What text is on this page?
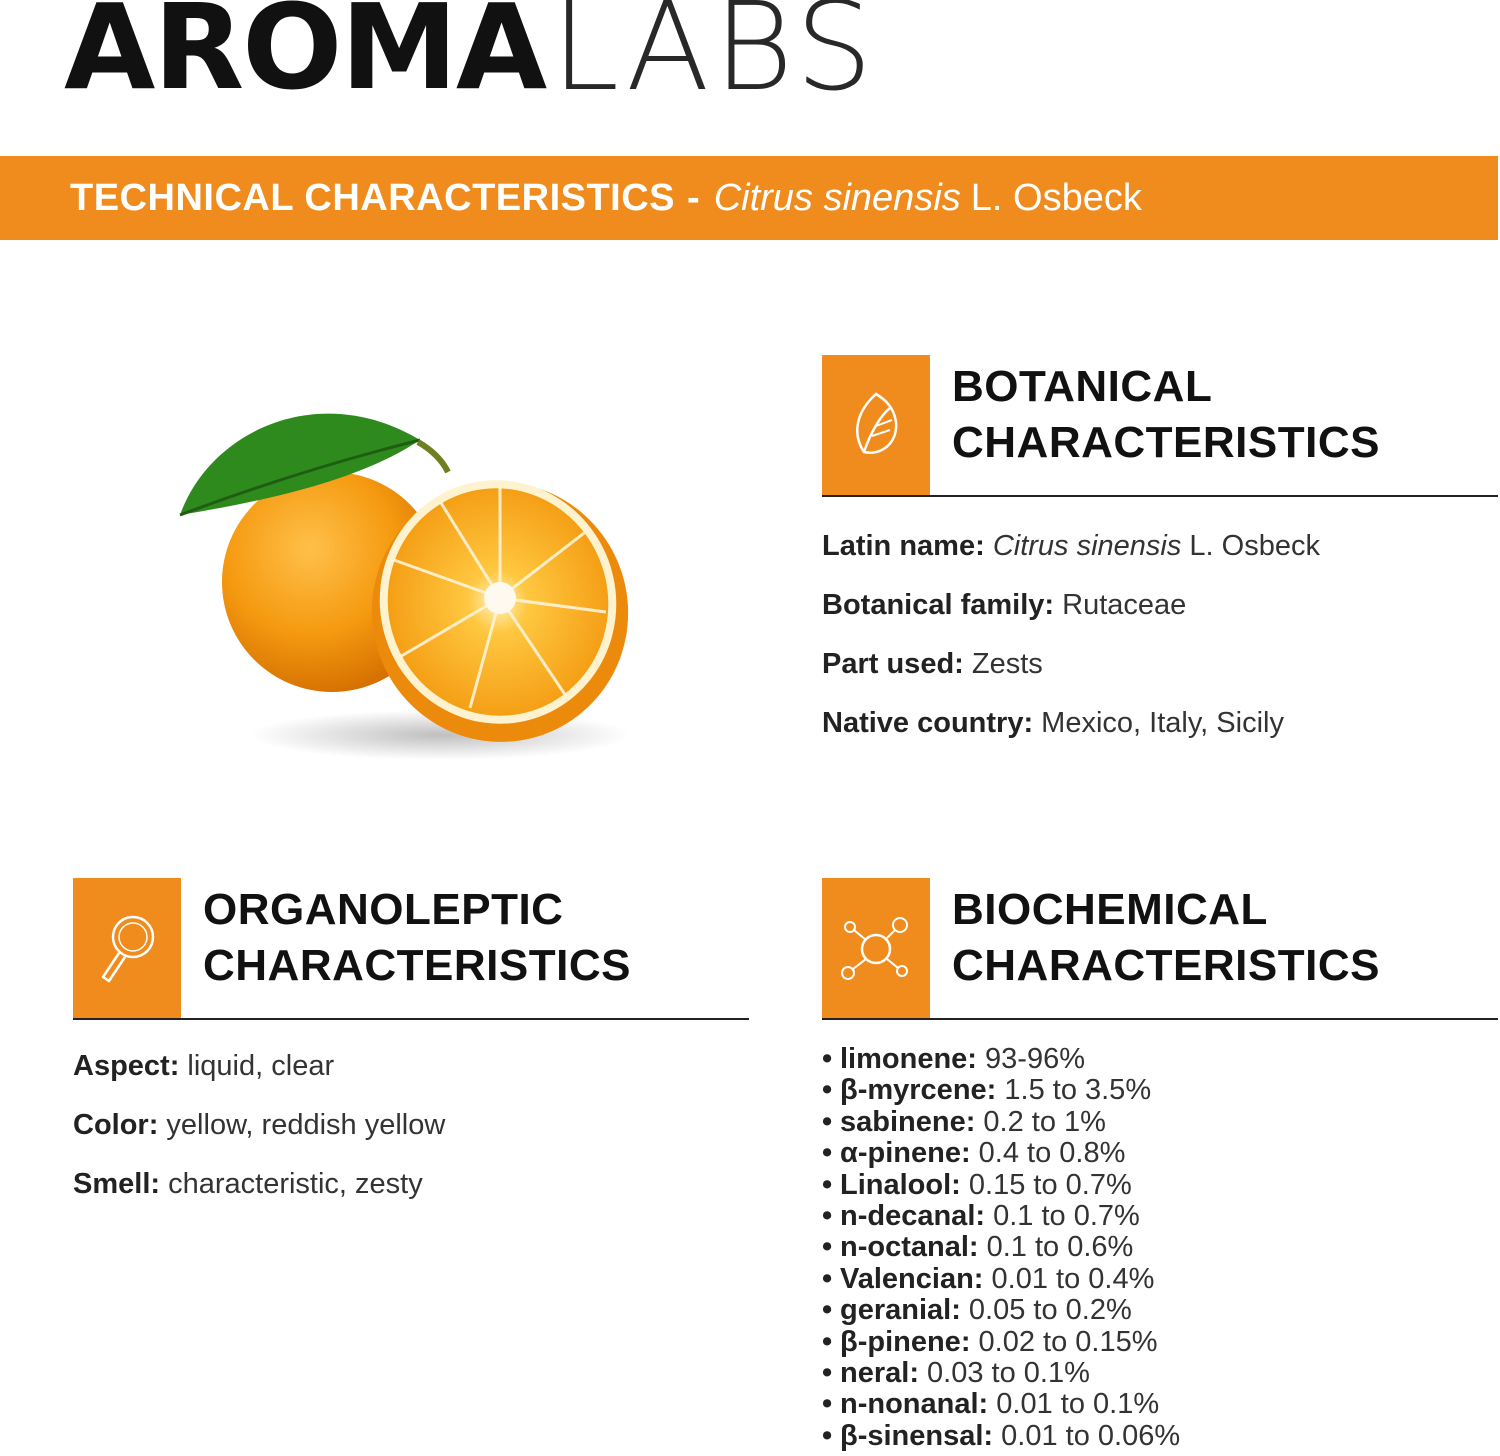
AROMA LABS
TECHNICAL CHARACTERISTICS - Citrus sinensis L. Osbeck
BOTANICAL
CHARACTERISTICS
Latin name: Citrus sinensis L. Osbeck
Botanical family: Rutaceae
Part used: Zests
Native country: Mexico, Italy, Sicily
ORGANOLEPTIC
CHARACTERISTICS
Aspect: liquid, clear
Color: yellow, reddish yellow
Smell: characteristic, zesty
BIOCHEMICAL
CHARACTERISTICS
• limonene: 93-96%
• β-myrcene: 1.5 to 3.5%
• sabinene: 0.2 to 1%
• α-pinene: 0.4 to 0.8%
• Linalool: 0.15 to 0.7%
• n-decanal: 0.1 to 0.7%
• n-octanal: 0.1 to 0.6%
• Valencian: 0.01 to 0.4%
• geranial: 0.05 to 0.2%
• β-pinene: 0.02 to 0.15%
• neral: 0.03 to 0.1%
• n-nonanal: 0.01 to 0.1%
• β-sinensal: 0.01 to 0.06%
